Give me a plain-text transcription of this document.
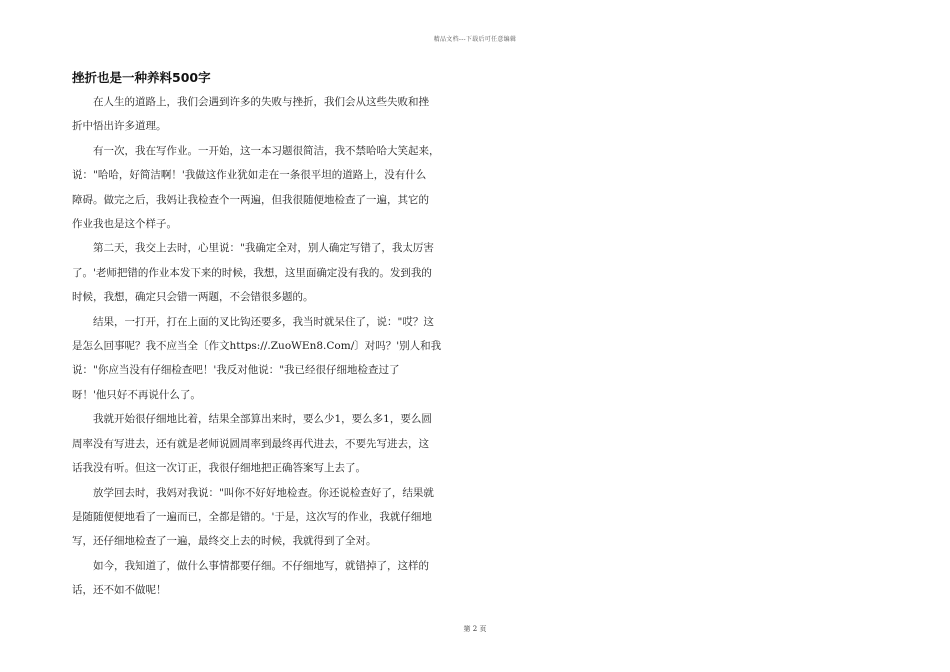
精品文档---下载后可任意编辑
挫折也是一种养料500字

在人生的道路上，我们会遇到许多的失败与挫折，我们会从这些失败和挫
折中悟出许多道理。

有一次，我在写作业。一开始，这一本习题很简洁，我不禁哈哈大笑起来，
说："哈哈，好简洁啊！'我做这作业犹如走在一条很平坦的道路上，没有什么
障碍。做完之后，我妈让我检查个一两遍，但我很随便地检查了一遍，其它的
作业我也是这个样子。

第二天，我交上去时，心里说："我确定全对，别人确定写错了，我太厉害
了。'老师把错的作业本发下来的时候，我想，这里面确定没有我的。发到我的
时候，我想，确定只会错一两题，不会错很多题的。

结果，一打开，打在上面的叉比钩还要多，我当时就呆住了，说："哎？这
是怎么回事呢？我不应当全〔作文https://.ZuoWEn8.Com/〕对吗？'别人和我
说："你应当没有仔细检查吧！'我反对他说："我已经很仔细地检查过了
呀！'他只好不再说什么了。

我就开始很仔细地比着，结果全部算出来时，要么少1，要么多1，要么圆
周率没有写进去，还有就是老师说圆周率到最终再代进去，不要先写进去，这
话我没有听。但这一次订正，我很仔细地把正确答案写上去了。

放学回去时，我妈对我说："叫你不好好地检查。你还说检查好了，结果就
是随随便便地看了一遍而已，全都是错的。'于是，这次写的作业，我就仔细地
写，还仔细地检查了一遍，最终交上去的时候，我就得到了全对。

如今，我知道了，做什么事情都要仔细。不仔细地写，就错掉了，这样的
话，还不如不做呢！

第 2 页
